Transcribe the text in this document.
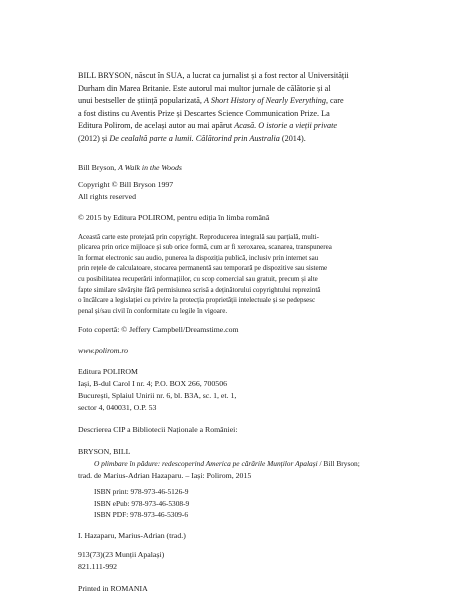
BILL BRYSON, născut în SUA, a lucrat ca jurnalist și a fost rector al Universității
Durham din Marea Britanie. Este autorul mai multor jurnale de călătorie și al
unui bestseller de știință popularizată, A Short History of Nearly Everything, care
a fost distins cu Aventis Prize și Descartes Science Communication Prize. La
Editura Polirom, de același autor au mai apărut Acasă. O istorie a vieții private
(2012) și De cealaltă parte a lumii. Călătorind prin Australia (2014).
Bill Bryson, A Walk in the Woods
Copyright © Bill Bryson 1997
All rights reserved

© 2015 by Editura POLIROM, pentru ediția în limba română

Această carte este protejată prin copyright. Reproducerea integrală sau parțială, multi-
plicarea prin orice mijloace și sub orice formă, cum ar fi xeroxarea, scanarea, transpunerea
în format electronic sau audio, punerea la dispoziția publică, inclusiv prin internet sau
prin rețele de calculatoare, stocarea permanentă sau temporară pe dispozitive sau sisteme
cu posibilitatea recuperării informațiilor, cu scop comercial sau gratuit, precum și alte
fapte similare săvârșite fără permisiunea scrisă a deținătorului copyrightului reprezintă
o încălcare a legislației cu privire la protecția proprietății intelectuale și se pedepsesc
penal și/sau civil în conformitate cu legile în vigoare.

Foto copertă: © Jeffery Campbell/Dreamstime.com

www.polirom.ro

Editura POLIROM
Iași, B-dul Carol I nr. 4; P.O. BOX 266, 700506
București, Splaiul Unirii nr. 6, bl. B3A, sc. 1, et. 1,
sector 4, 040031, O.P. 53

Descrierea CIP a Bibliotecii Naționale a României:

BRYSON, BILL

O plimbare în pădure: redescoperind America pe cărările Munților Apalași / Bill Bryson;

trad. de Marius-Adrian Hazaparu. – Iași: Polirom, 2015

ISBN print: 978-973-46-5126-9
ISBN ePub: 978-973-46-5308-9
ISBN PDF: 978-973-46-5309-6

I. Hazaparu, Marius-Adrian (trad.)

913(73)(23 Munții Apalași)

821.111-992

Printed in ROMANIA
